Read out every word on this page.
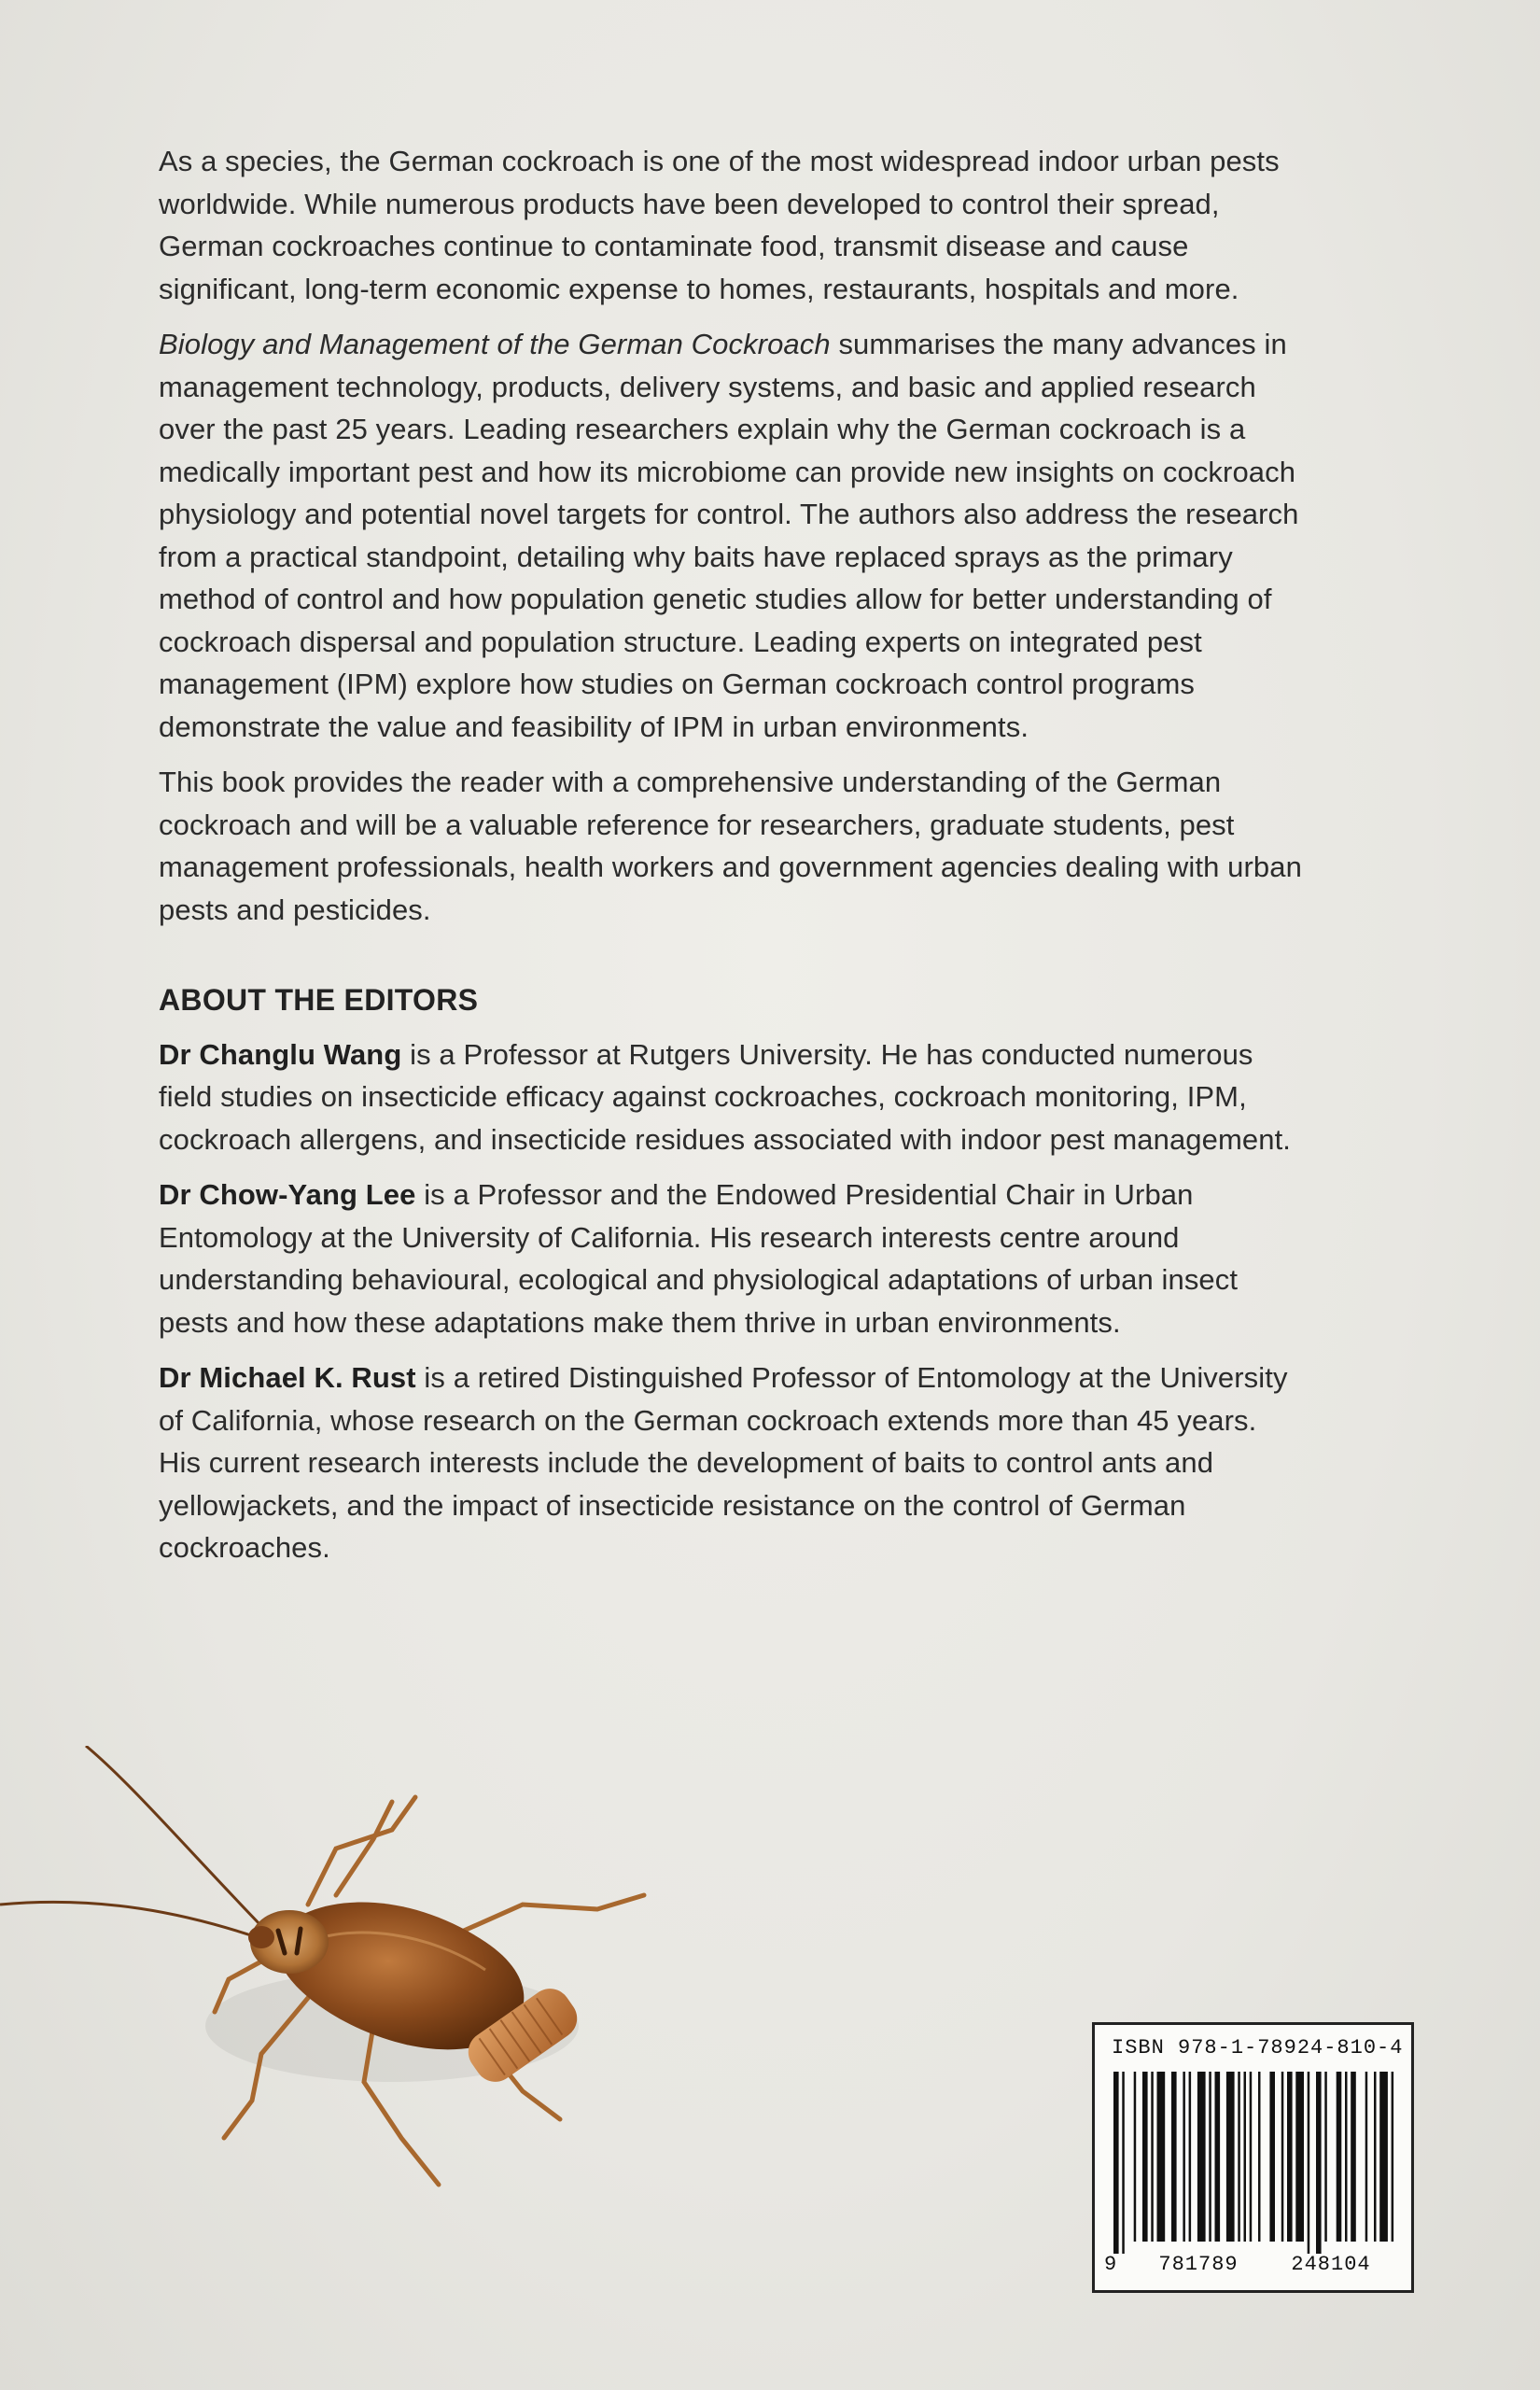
As a species, the German cockroach is one of the most widespread indoor urban pests worldwide. While numerous products have been developed to control their spread, German cockroaches continue to contaminate food, transmit disease and cause significant, long-term economic expense to homes, restaurants, hospitals and more.

Biology and Management of the German Cockroach summarises the many advances in management technology, products, delivery systems, and basic and applied research over the past 25 years. Leading researchers explain why the German cockroach is a medically important pest and how its microbiome can provide new insights on cockroach physiology and potential novel targets for control. The authors also address the research from a practical standpoint, detailing why baits have replaced sprays as the primary method of control and how population genetic studies allow for better understanding of cockroach dispersal and population structure. Leading experts on integrated pest management (IPM) explore how studies on German cockroach control programs demonstrate the value and feasibility of IPM in urban environments.

This book provides the reader with a comprehensive understanding of the German cockroach and will be a valuable reference for researchers, graduate students, pest management professionals, health workers and government agencies dealing with urban pests and pesticides.

ABOUT THE EDITORS

Dr Changlu Wang is a Professor at Rutgers University. He has conducted numerous field studies on insecticide efficacy against cockroaches, cockroach monitoring, IPM, cockroach allergens, and insecticide residues associated with indoor pest management.

Dr Chow-Yang Lee is a Professor and the Endowed Presidential Chair in Urban Entomology at the University of California. His research interests centre around understanding behavioural, ecological and physiological adaptations of urban insect pests and how these adaptations make them thrive in urban environments.

Dr Michael K. Rust is a retired Distinguished Professor of Entomology at the University of California, whose research on the German cockroach extends more than 45 years. His current research interests include the development of baits to control ants and yellowjackets, and the impact of insecticide resistance on the control of German cockroaches.

ISBN 978-1-78924-810-4
9 781789	248104
